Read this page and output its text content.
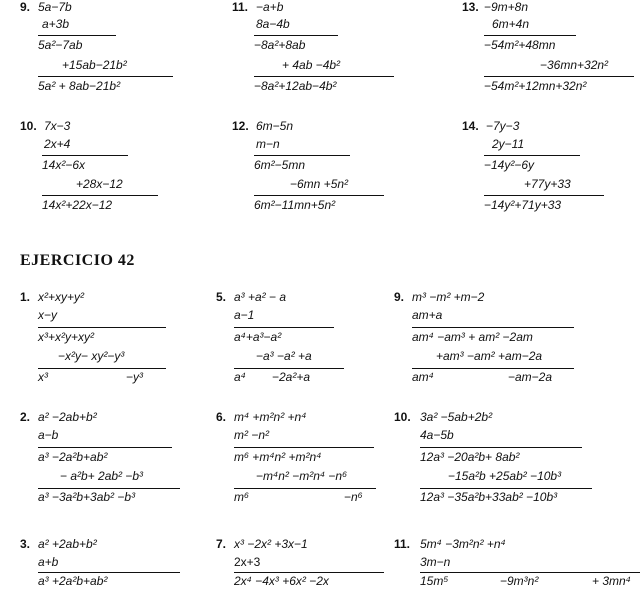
9. 5a−7b
a+3b
5a²−7ab
+15ab−21b²
5a² + 8ab−21b²
11. −a+b
8a−4b
−8a²+8ab
+ 4ab −4b²
−8a²+12ab−4b²
13. −9m+8n
6m+4n
−54m²+48mn
−36mn+32n²
−54m²+12mn+32n²
10. 7x−3
2x+4
14x²−6x
+28x−12
14x²+22x−12
12. 6m−5n
m−n
6m²−5mn
−6mn +5n²
6m²−11mn+5n²
14. −7y−3
2y−11
−14y²−6y
+77y+33
−14y²+71y+33
EJERCICIO 42
1. x²+xy+y²
x−y
x³+x²y+xy²
−x²y− xy²−y³
x³	−y³
5. a³ +a² − a
a−1
a⁴+a³−a²
−a³ −a² +a
a⁴ −2a²+a
9. m³ −m² +m−2
am+a
am⁴ −am³ + am² −2am
+am³ −am² +am−2a
am⁴	−am−2a
2. a² −2ab+b²
a−b
a³ −2a²b+ab²
− a²b+ 2ab² −b³
a³ −3a²b+3ab² −b³
6. m⁴ +m²n² +n⁴
m² −n²
m⁶ +m⁴n² +m²n⁴
−m⁴n² −m²n⁴ −n⁶
m⁶	−n⁶
10. 3a² −5ab+2b²
4a−5b
12a³ −20a²b+ 8ab²
−15a²b +25ab² −10b³
12a³ −35a²b+33ab² −10b³
3. a² +2ab+b²
a+b
a³ +2a²b+ab²
7. x³ −2x² +3x−1
2x+3
2x⁴ −4x³ +6x² −2x
11. 5m⁴ −3m²n² +n⁴
3m−n
15m⁵	−9m³n²	+ 3mn⁴
